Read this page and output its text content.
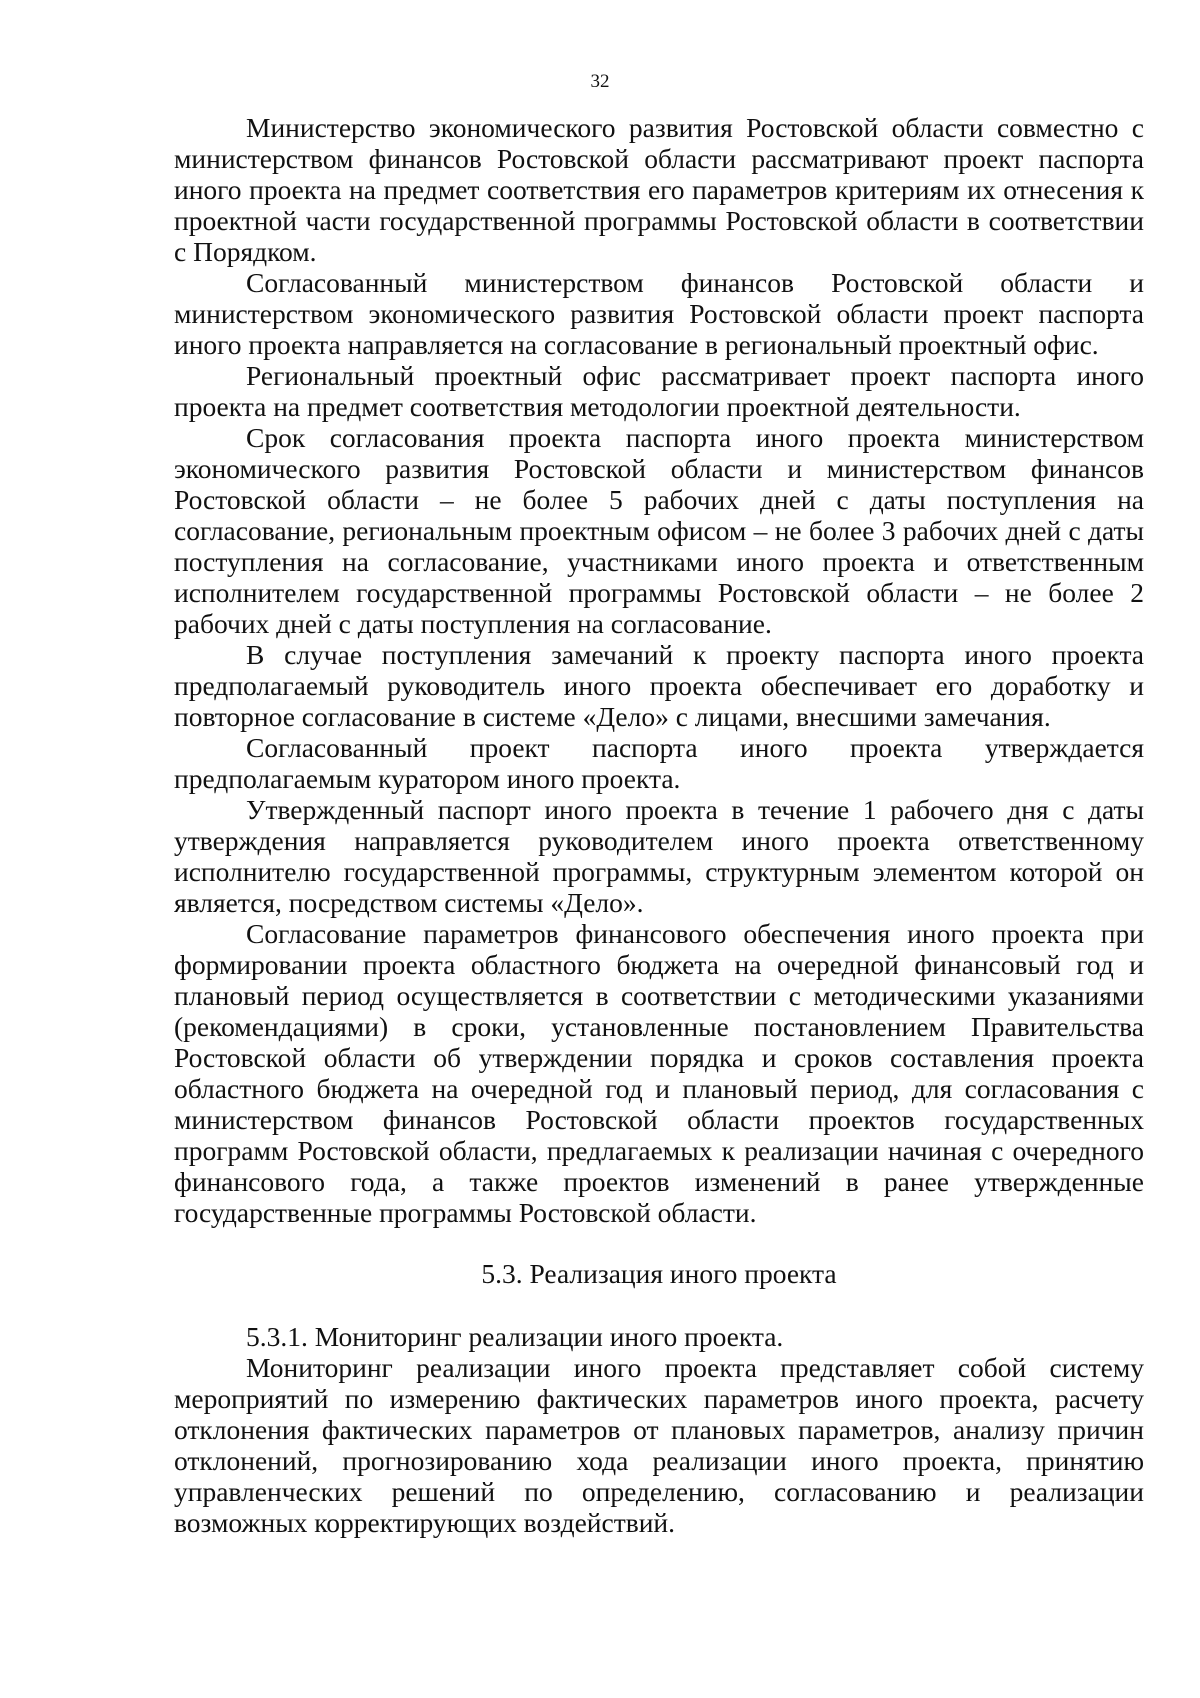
32

Министерство экономического развития Ростовской области совместно с министерством финансов Ростовской области рассматривают проект паспорта иного проекта на предмет соответствия его параметров критериям их отнесения к проектной части государственной программы Ростовской области в соответствии с Порядком.

Согласованный министерством финансов Ростовской области и министерством экономического развития Ростовской области проект паспорта иного проекта направляется на согласование в региональный проектный офис.

Региональный проектный офис рассматривает проект паспорта иного проекта на предмет соответствия методологии проектной деятельности.

Срок согласования проекта паспорта иного проекта министерством экономического развития Ростовской области и министерством финансов Ростовской области – не более 5 рабочих дней с даты поступления на согласование, региональным проектным офисом – не более 3 рабочих дней с даты поступления на согласование, участниками иного проекта и ответственным исполнителем государственной программы Ростовской области – не более 2 рабочих дней с даты поступления на согласование.

В случае поступления замечаний к проекту паспорта иного проекта предполагаемый руководитель иного проекта обеспечивает его доработку и повторное согласование в системе «Дело» с лицами, внесшими замечания.

Согласованный проект паспорта иного проекта утверждается предполагаемым куратором иного проекта.

Утвержденный паспорт иного проекта в течение 1 рабочего дня с даты утверждения направляется руководителем иного проекта ответственному исполнителю государственной программы, структурным элементом которой он является, посредством системы «Дело».

Согласование параметров финансового обеспечения иного проекта при формировании проекта областного бюджета на очередной финансовый год и плановый период осуществляется в соответствии с методическими указаниями (рекомендациями) в сроки, установленные постановлением Правительства Ростовской области об утверждении порядка и сроков составления проекта областного бюджета на очередной год и плановый период, для согласования с министерством финансов Ростовской области проектов государственных программ Ростовской области, предлагаемых к реализации начиная с очередного финансового года, а также проектов изменений в ранее утвержденные государственные программы Ростовской области.

5.3. Реализация иного проекта

5.3.1. Мониторинг реализации иного проекта.

Мониторинг реализации иного проекта представляет собой систему мероприятий по измерению фактических параметров иного проекта, расчету отклонения фактических параметров от плановых параметров, анализу причин отклонений, прогнозированию хода реализации иного проекта, принятию управленческих решений по определению, согласованию и реализации возможных корректирующих воздействий.
